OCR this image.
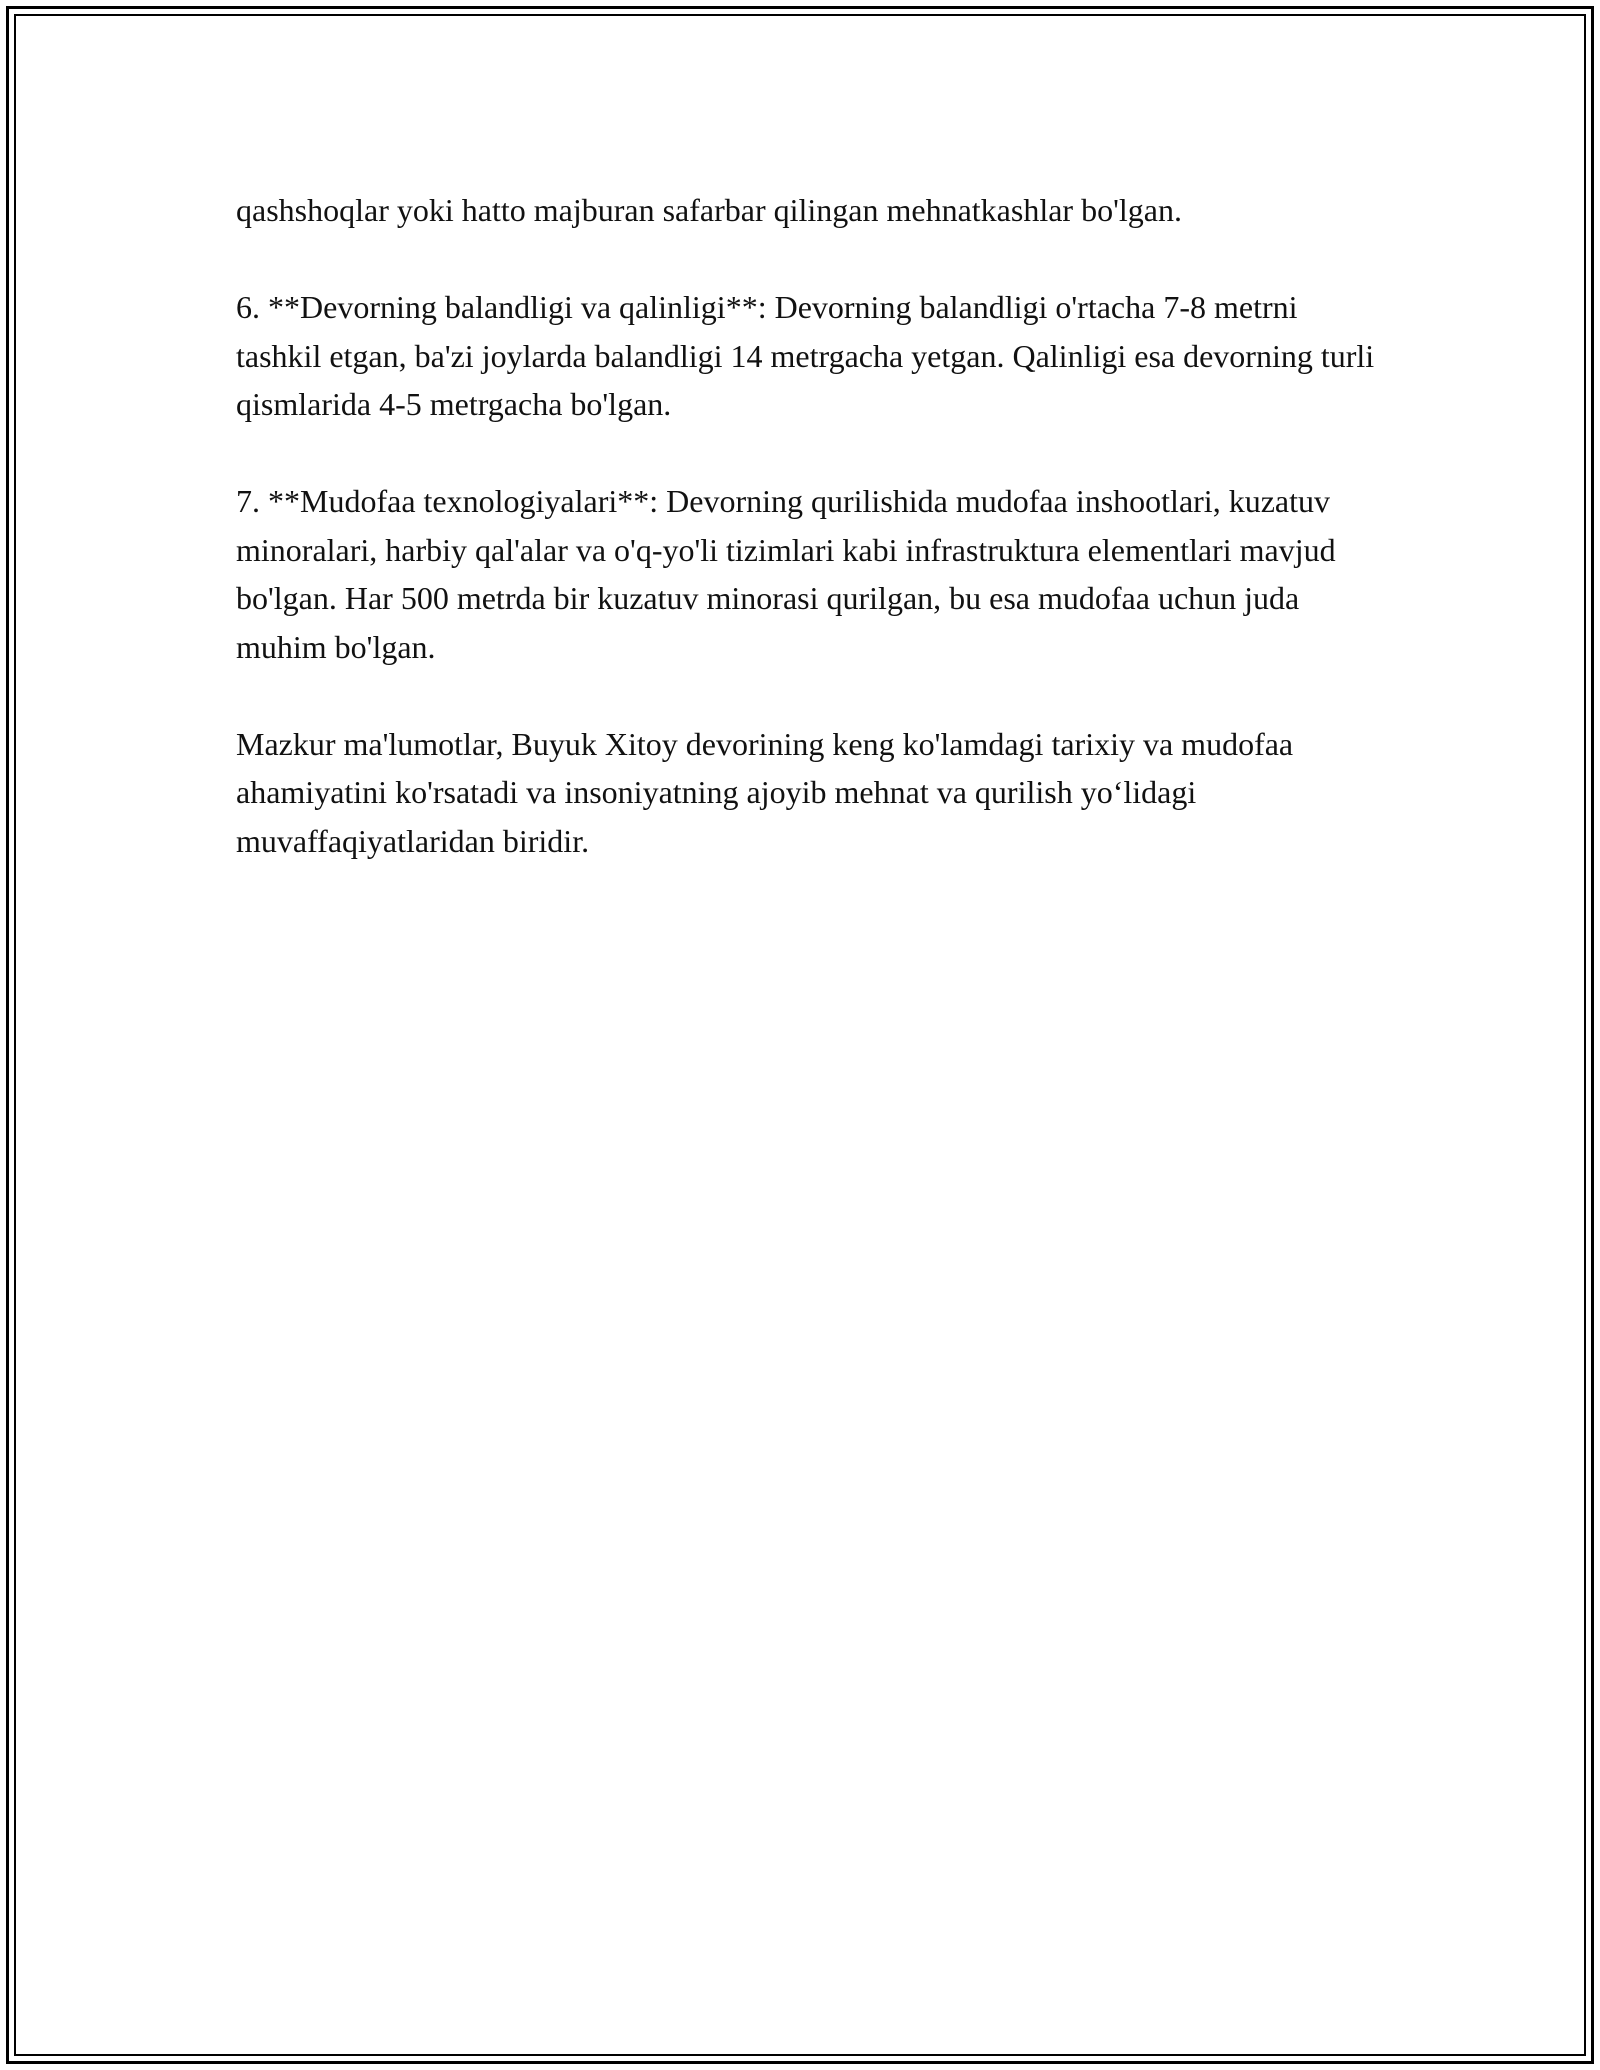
qashshoqlar yoki hatto majburan safarbar qilingan mehnatkashlar bo'lgan.

6. **Devorning balandligi va qalinligi**: Devorning balandligi o'rtacha 7-8 metrni tashkil etgan, ba'zi joylarda balandligi 14 metrgacha yetgan. Qalinligi esa devorning turli qismlarida 4-5 metrgacha bo'lgan.

7. **Mudofaa texnologiyalari**: Devorning qurilishida mudofaa inshootlari, kuzatuv minoralari, harbiy qal'alar va o'q-yo'li tizimlari kabi infrastruktura elementlari mavjud bo'lgan. Har 500 metrda bir kuzatuv minorasi qurilgan, bu esa mudofaa uchun juda muhim bo'lgan.

Mazkur ma'lumotlar, Buyuk Xitoy devorining keng ko'lamdagi tarixiy va mudofaa ahamiyatini ko'rsatadi va insoniyatning ajoyib mehnat va qurilish yo‘lidagi muvaffaqiyatlaridan biridir.
